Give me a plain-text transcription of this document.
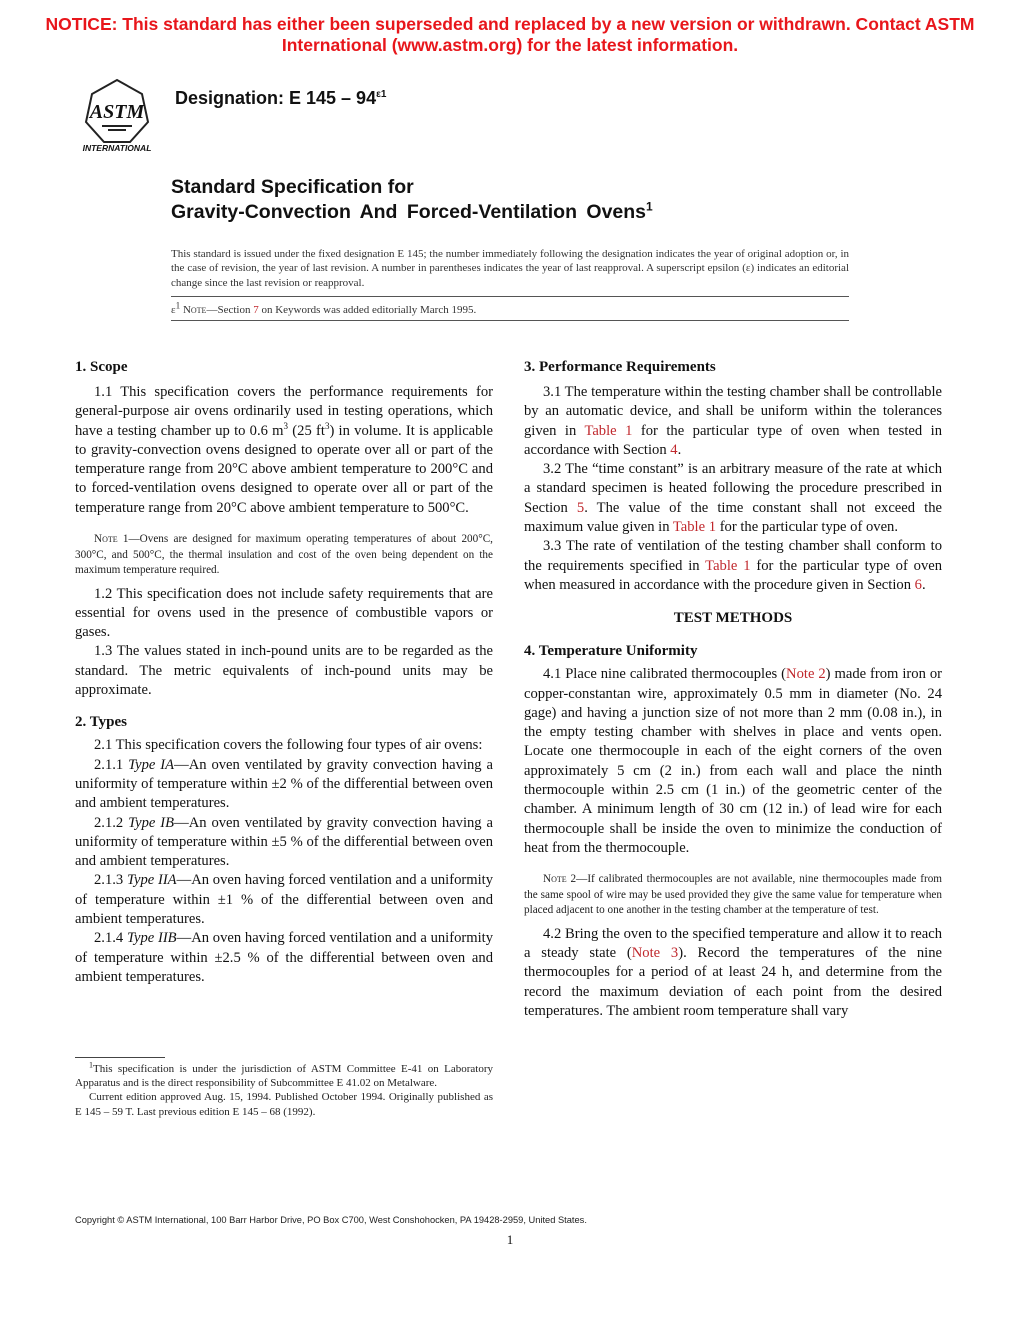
NOTICE: This standard has either been superseded and replaced by a new version or withdrawn. Contact ASTM
International (www.astm.org) for the latest information.
ASTM
INTERNATIONAL
Designation: E $145 - 94^{\varepsilon 1}$
Standard Specification for
Gravity-Convection And Forced-Ventilation Ovens$^1$
This standard is issued under the fixed designation E 145; the number immediately following the designation indicates the year of original adoption or, in the case of revision, the year of last revision. A number in parentheses indicates the year of last reapproval. A superscript epsilon (ε) indicates an editorial change since the last revision or reapproval.
$\varepsilon^1$ Note—Section 7 on Keywords was added editorially March 1995.
1. Scope

1.1 This specification covers the performance requirements for general-purpose air ovens ordinarily used in testing operations, which have a testing chamber up to 0.6 $m^3$ (25 $ft^3$) in volume. It is applicable to gravity-convection ovens designed to operate over all or part of the temperature range from 20°C above ambient temperature to 200°C and to forced-ventilation ovens designed to operate over all or part of the temperature range from 20°C above ambient temperature to 500°C.

Note 1—Ovens are designed for maximum operating temperatures of about 200°C, 300°C, and 500°C, the thermal insulation and cost of the oven being dependent on the maximum temperature required.

1.2 This specification does not include safety requirements that are essential for ovens used in the presence of combustible vapors or gases.

1.3 The values stated in inch-pound units are to be regarded as the standard. The metric equivalents of inch-pound units may be approximate.

2. Types

2.1 This specification covers the following four types of air ovens:

2.1.1 Type IA—An oven ventilated by gravity convection having a uniformity of temperature within ±2 % of the differential between oven and ambient temperatures.

2.1.2 Type IB—An oven ventilated by gravity convection having a uniformity of temperature within ±5 % of the differential between oven and ambient temperatures.

2.1.3 Type IIA—An oven having forced ventilation and a uniformity of temperature within ±1 % of the differential between oven and ambient temperatures.

2.1.4 Type IIB—An oven having forced ventilation and a uniformity of temperature within ±2.5 % of the differential between oven and ambient temperatures.

$^1$This specification is under the jurisdiction of ASTM Committee E-41 on Laboratory Apparatus and is the direct responsibility of Subcommittee E 41.02 on Metalware.

Current edition approved Aug. 15, 1994. Published October 1994. Originally published as E 145 – 59 T. Last previous edition E 145 – 68 (1992).

3. Performance Requirements

3.1 The temperature within the testing chamber shall be controllable by an automatic device, and shall be uniform within the tolerances given in Table 1 for the particular type of oven when tested in accordance with Section 4.

3.2 The “time constant” is an arbitrary measure of the rate at which a standard specimen is heated following the procedure prescribed in Section 5. The value of the time constant shall not exceed the maximum value given in Table 1 for the particular type of oven.

3.3 The rate of ventilation of the testing chamber shall conform to the requirements specified in Table 1 for the particular type of oven when measured in accordance with the procedure given in Section 6.

TEST METHODS
4. Temperature Uniformity

4.1 Place nine calibrated thermocouples (Note 2) made from iron or copper-constantan wire, approximately 0.5 mm in diameter (No. 24 gage) and having a junction size of not more than 2 mm (0.08 in.), in the empty testing chamber with shelves in place and vents open. Locate one thermocouple in each of the eight corners of the oven approximately 5 cm (2 in.) from each wall and place the ninth thermocouple within 2.5 cm (1 in.) of the geometric center of the chamber. A minimum length of 30 cm (12 in.) of lead wire for each thermocouple shall be inside the oven to minimize the conduction of heat from the thermocouple.

Note 2—If calibrated thermocouples are not available, nine thermocouples made from the same spool of wire may be used provided they give the same value for temperature when placed adjacent to one another in the testing chamber at the temperature of test.

4.2 Bring the oven to the specified temperature and allow it to reach a steady state (Note 3). Record the temperatures of the nine thermocouples for a period of at least 24 h, and determine from the record the maximum deviation of each point from the desired temperatures. The ambient room temperature shall vary

Copyright © ASTM International, 100 Barr Harbor Drive, PO Box C700, West Conshohocken, PA 19428-2959, United States.
1
